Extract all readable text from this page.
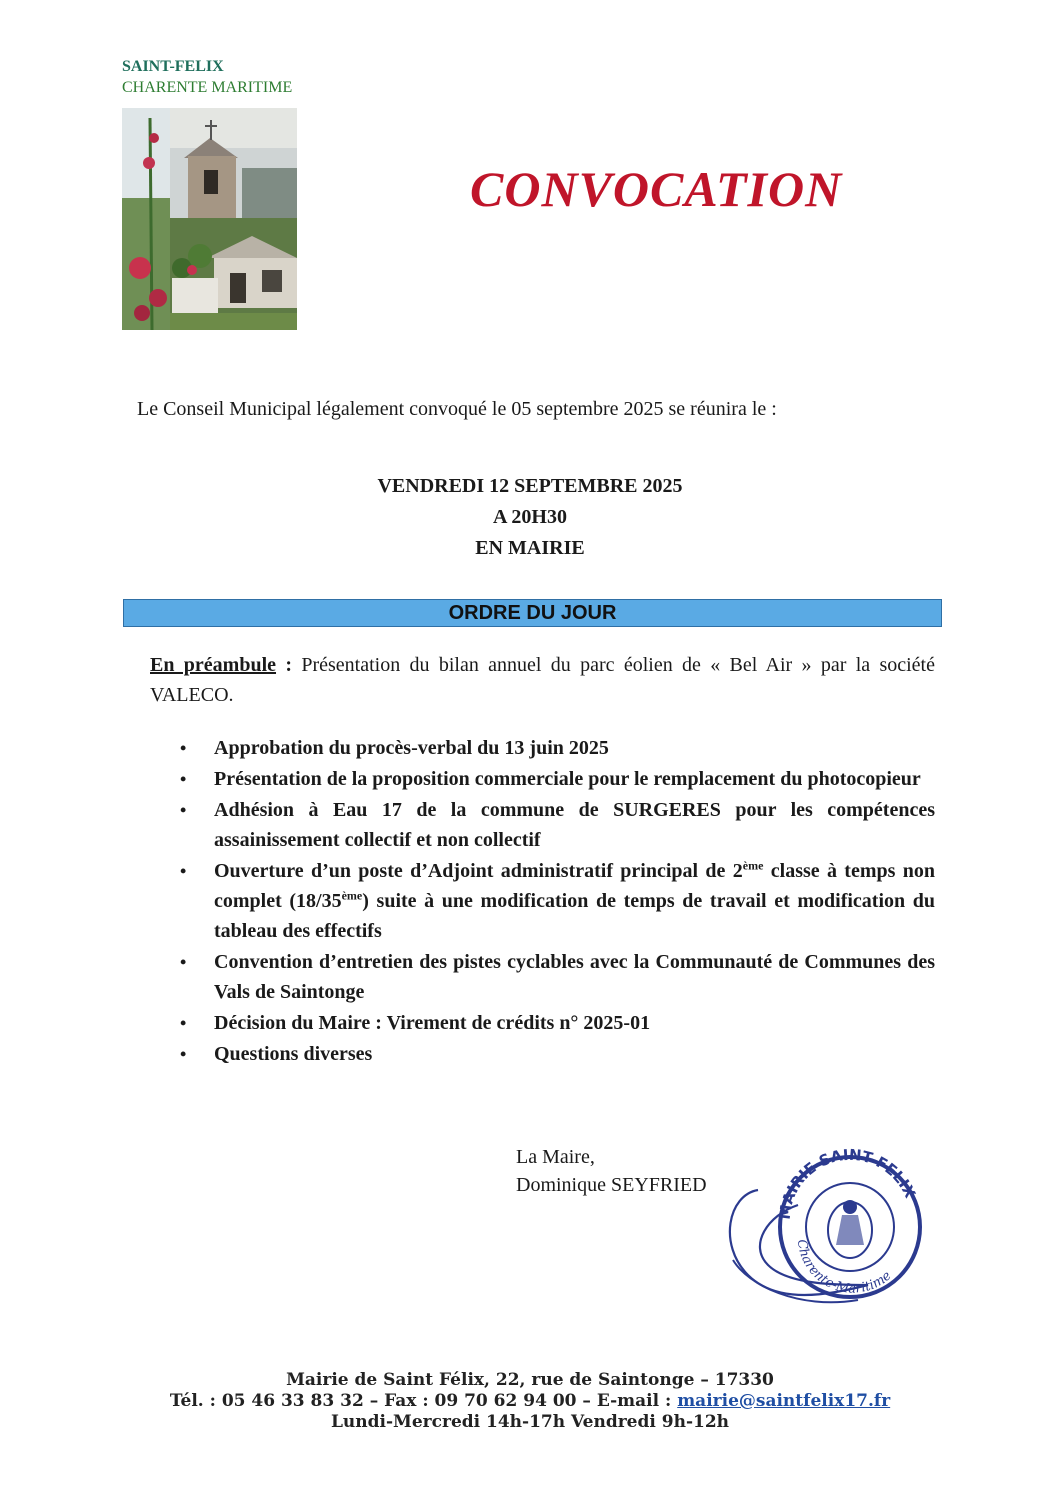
SAINT-FELIX
CHARENTE MARITIME
CONVOCATION
Le Conseil Municipal légalement convoqué le 05 septembre 2025 se réunira le :
VENDREDI 12 SEPTEMBRE 2025
A 20H30
EN MAIRIE
ORDRE DU JOUR
En préambule : Présentation du bilan annuel du parc éolien de « Bel Air » par la société VALECO.
• Approbation du procès-verbal du 13 juin 2025
• Présentation de la proposition commerciale pour le remplacement du photocopieur
• Adhésion à Eau 17 de la commune de SURGERES pour les compétences assainissement collectif et non collectif
• Ouverture d’un poste d’Adjoint administratif principal de 2ème classe à temps non complet (18/35ème) suite à une modification de temps de travail et modification du tableau des effectifs
• Convention d’entretien des pistes cyclables avec la Communauté de Communes des Vals de Saintonge
• Décision du Maire : Virement de crédits n° 2025-01
• Questions diverses
La Maire,
Dominique SEYFRIED
MAIRIE SAINT-FELIX
Charente-Maritime
Mairie de Saint Félix, 22, rue de Saintonge – 17330
Tél. : 05 46 33 83 32 – Fax : 09 70 62 94 00 – E-mail : mairie@saintfelix17.fr
Lundi-Mercredi 14h-17h Vendredi 9h-12h
